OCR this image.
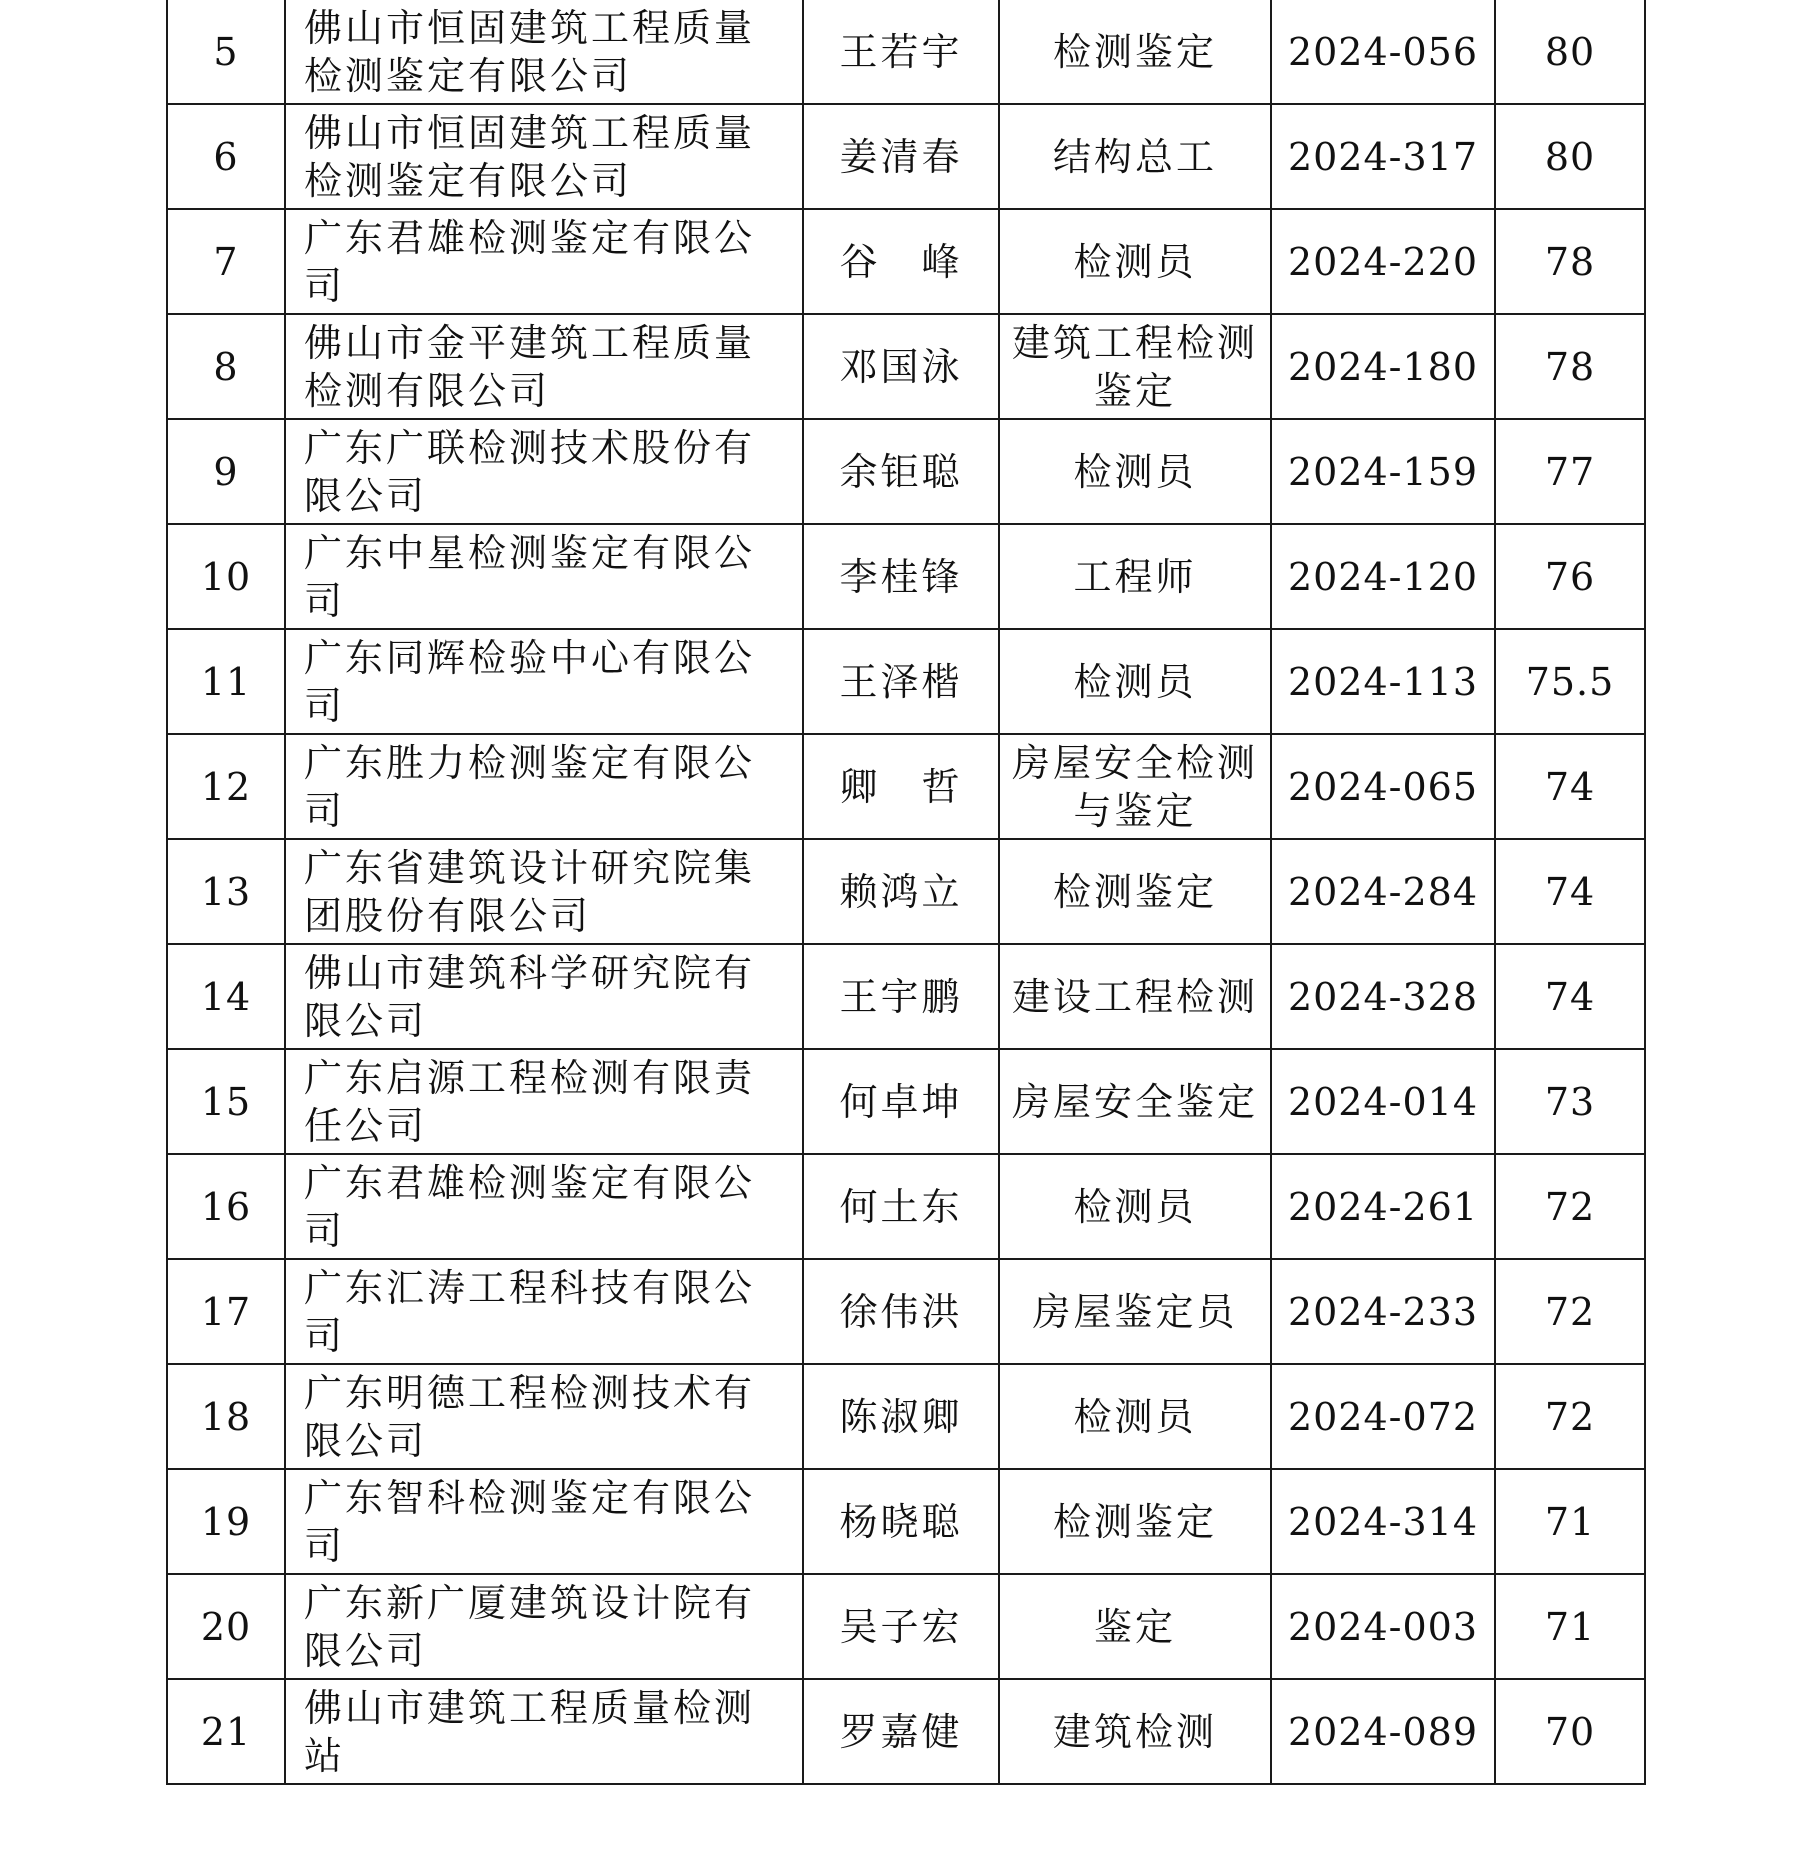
5	佛山市恒固建筑工程质量检测鉴定有限公司	王若宇	检测鉴定	2024-056	80
6	佛山市恒固建筑工程质量检测鉴定有限公司	姜清春	结构总工	2024-317	80
7	广东君雄检测鉴定有限公司	谷　峰	检测员	2024-220	78
8	佛山市金平建筑工程质量检测有限公司	邓国泳	建筑工程检测鉴定	2024-180	78
9	广东广联检测技术股份有限公司	余钜聪	检测员	2024-159	77
10	广东中星检测鉴定有限公司	李桂锋	工程师	2024-120	76
11	广东同辉检验中心有限公司	王泽楷	检测员	2024-113	75.5
12	广东胜力检测鉴定有限公司	卿　哲	房屋安全检测与鉴定	2024-065	74
13	广东省建筑设计研究院集团股份有限公司	赖鸿立	检测鉴定	2024-284	74
14	佛山市建筑科学研究院有限公司	王宇鹏	建设工程检测	2024-328	74
15	广东启源工程检测有限责任公司	何卓坤	房屋安全鉴定	2024-014	73
16	广东君雄检测鉴定有限公司	何土东	检测员	2024-261	72
17	广东汇涛工程科技有限公司	徐伟洪	房屋鉴定员	2024-233	72
18	广东明德工程检测技术有限公司	陈淑卿	检测员	2024-072	72
19	广东智科检测鉴定有限公司	杨晓聪	检测鉴定	2024-314	71
20	广东新广厦建筑设计院有限公司	吴子宏	鉴定	2024-003	71
21	佛山市建筑工程质量检测站	罗嘉健	建筑检测	2024-089	70
